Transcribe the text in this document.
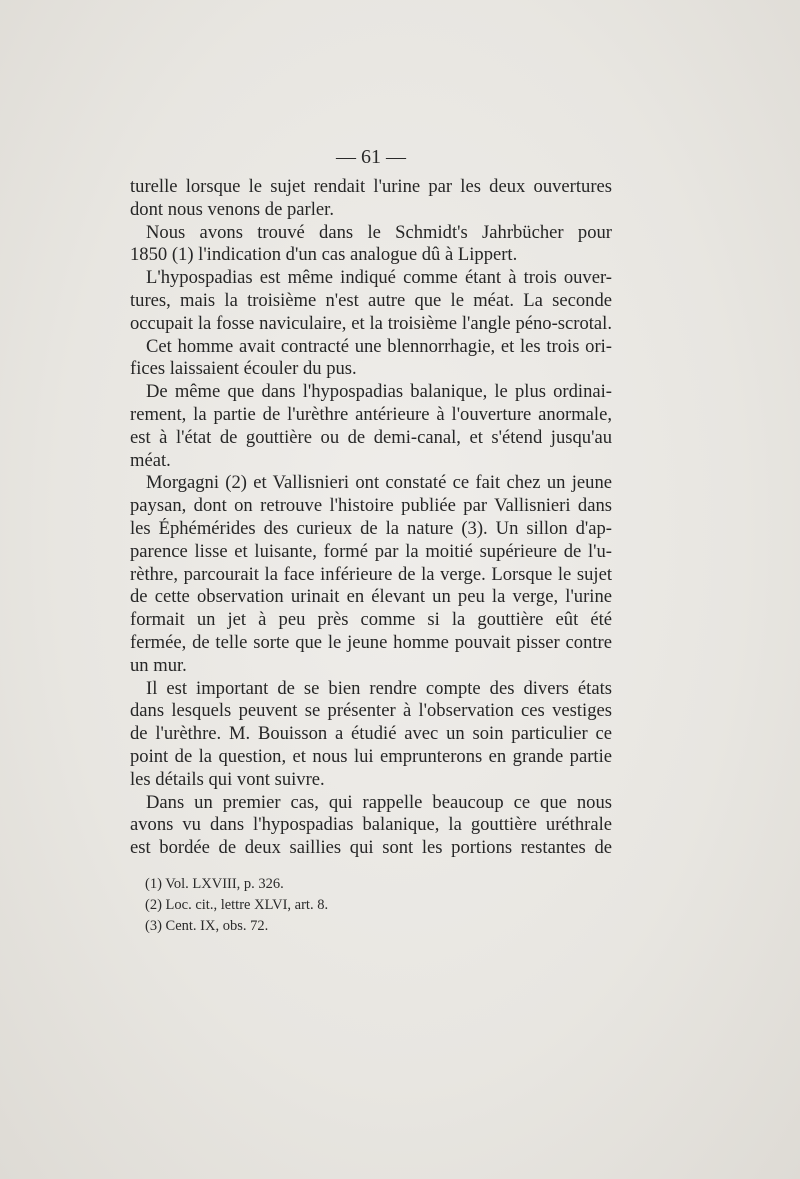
— 61 —
turelle lorsque le sujet rendait l'urine par les deux ouvertures
dont nous venons de parler.
Nous avons trouvé dans le Schmidt's Jahrbücher pour
1850 (1) l'indication d'un cas analogue dû à Lippert.
L'hypospadias est même indiqué comme étant à trois ouver-
tures, mais la troisième n'est autre que le méat. La seconde
occupait la fosse naviculaire, et la troisième l'angle péno-scrotal.
Cet homme avait contracté une blennorrhagie, et les trois ori-
fices laissaient écouler du pus.
De même que dans l'hypospadias balanique, le plus ordinai-
rement, la partie de l'urèthre antérieure à l'ouverture anormale,
est à l'état de gouttière ou de demi-canal, et s'étend jusqu'au
méat.
Morgagni (2) et Vallisnieri ont constaté ce fait chez un jeune
paysan, dont on retrouve l'histoire publiée par Vallisnieri dans
les Éphémérides des curieux de la nature (3). Un sillon d'ap-
parence lisse et luisante, formé par la moitié supérieure de l'u-
rèthre, parcourait la face inférieure de la verge. Lorsque le sujet
de cette observation urinait en élevant un peu la verge, l'urine
formait un jet à peu près comme si la gouttière eût été
fermée, de telle sorte que le jeune homme pouvait pisser contre
un mur.
Il est important de se bien rendre compte des divers états
dans lesquels peuvent se présenter à l'observation ces vestiges
de l'urèthre. M. Bouisson a étudié avec un soin particulier ce
point de la question, et nous lui emprunterons en grande partie
les détails qui vont suivre.
Dans un premier cas, qui rappelle beaucoup ce que nous
avons vu dans l'hypospadias balanique, la gouttière uréthrale
est bordée de deux saillies qui sont les portions restantes de
(1) Vol. LXVIII, p. 326.
(2) Loc. cit., lettre XLVI, art. 8.
(3) Cent. IX, obs. 72.
